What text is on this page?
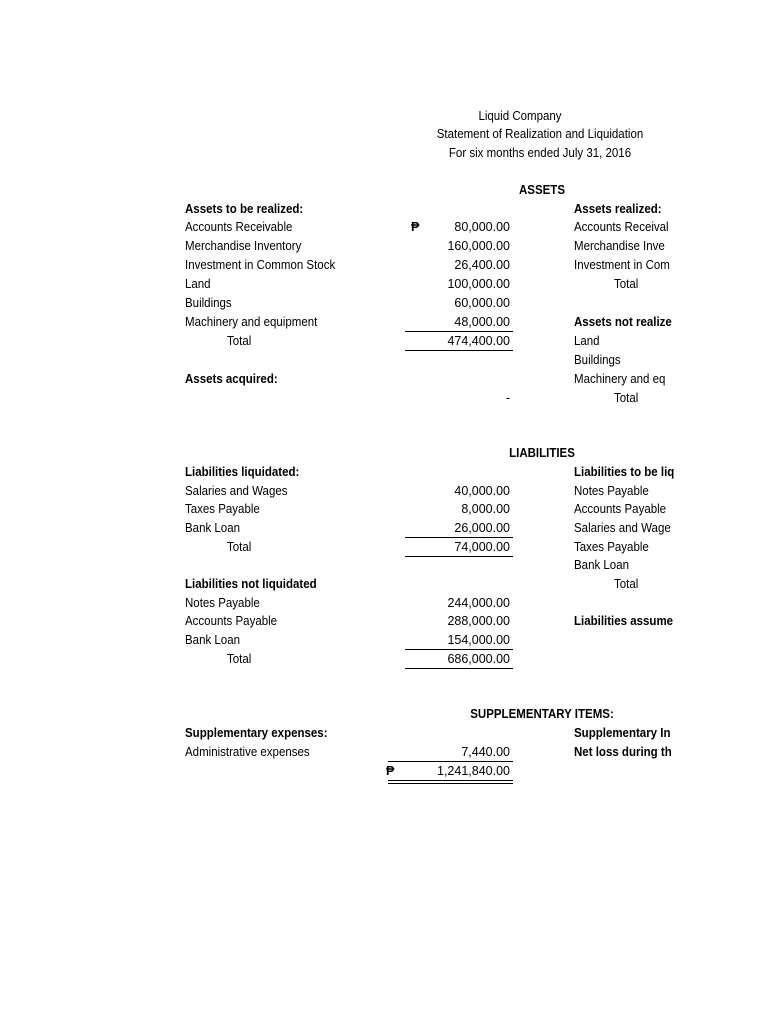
Liquid Company
Statement of Realization and Liquidation
For six months ended July 31, 2016
ASSETS
Assets to be realized:
Accounts Receivable	₱	80,000.00
Merchandise Inventory	160,000.00
Investment in Common Stock	26,400.00
Land	100,000.00
Buildings	60,000.00
Machinery and equipment	48,000.00
Total	474,400.00
Assets acquired:
-
Assets realized:
Accounts Receival
Merchandise Inve
Investment in Com
Total
Assets not realize
Land
Buildings
Machinery and eq
Total
LIABILITIES
Liabilities liquidated:
Salaries and Wages	40,000.00
Taxes Payable	8,000.00
Bank Loan	26,000.00
Total	74,000.00
Liabilities not liquidated
Notes Payable	244,000.00
Accounts Payable	288,000.00
Bank Loan	154,000.00
Total	686,000.00
Liabilities to be liq
Notes Payable
Accounts Payable
Salaries and Wage
Taxes Payable
Bank Loan
Total
Liabilities assume
SUPPLEMENTARY ITEMS:
Supplementary expenses:
Administrative expenses	7,440.00
₱	1,241,840.00
Supplementary In
Net loss during th
